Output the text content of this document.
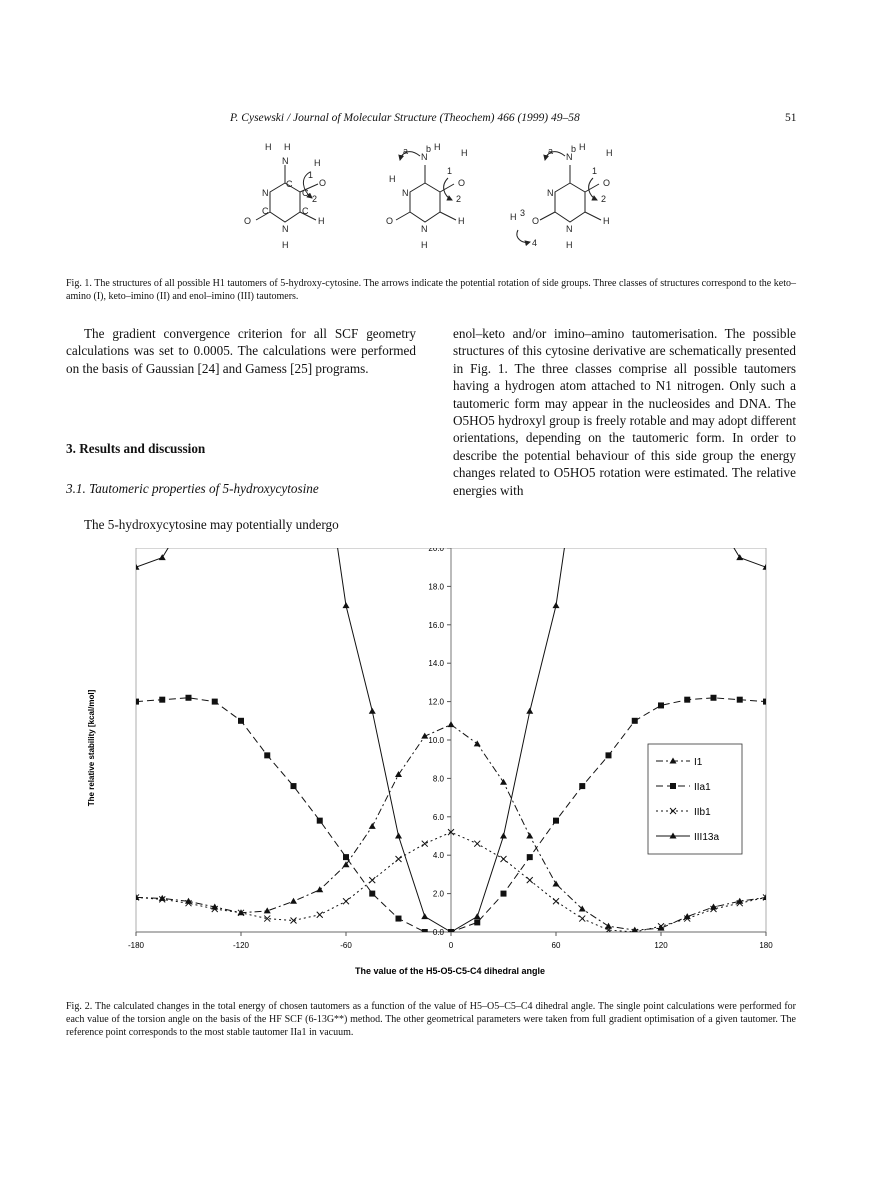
P. Cysewski / Journal of Molecular Structure (Theochem) 466 (1999) 49–58	51
H H
N	H
1
O
C
C
N
2
C	C
O
N
H
H
a b
N
H
H
1
O
2
H
N
O
N
H
H
a b
N
H
H
1
O
2
N
H 3
O
4
N
H
H
Fig. 1. The structures of all possible H1 tautomers of 5-hydroxy-cytosine. The arrows indicate the potential rotation of side groups. Three classes of structures correspond to the keto–amino (I), keto–imino (II) and enol–imino (III) tautomers.

The gradient convergence criterion for all SCF geometry calculations was set to 0.0005. The calculations were performed on the basis of Gaussian [24] and Gamess [25] programs.

3. Results and discussion
3.1. Tautomeric properties of 5-hydroxycytosine

The 5-hydroxycytosine may potentially undergo

enol–keto and/or imino–amino tautomerisation. The possible structures of this cytosine derivative are schematically presented in Fig. 1. The three classes comprise all possible tautomers having a hydrogen atom attached to N1 nitrogen. Only such a tautomeric form may appear in the nucleosides and DNA. The O5HO5 hydroxyl group is freely rotable and may adopt different orientations, depending on the tautomeric form. In order to describe the potential behaviour of this side group the energy changes related to O5HO5 rotation were estimated. The relative energies with

-180	-120	-60	0	60	120	180
0.0
2.0
4.0
6.0
8.0
10.0
12.0
14.0
16.0
18.0
20.0
I1
IIa1
IIb1
III13a
The value of the H5-O5-C5-C4 dihedral angle
The relative stability [kcal/mol]
Fig. 2. The calculated changes in the total energy of chosen tautomers as a function of the value of H5–O5–C5–C4 dihedral angle. The single point calculations were performed for each value of the torsion angle on the basis of the HF SCF (6-13G**) method. The other geometrical parameters were taken from full gradient optimisation of a given tautomer. The reference point corresponds to the most stable tautomer IIa1 in vacuum.
